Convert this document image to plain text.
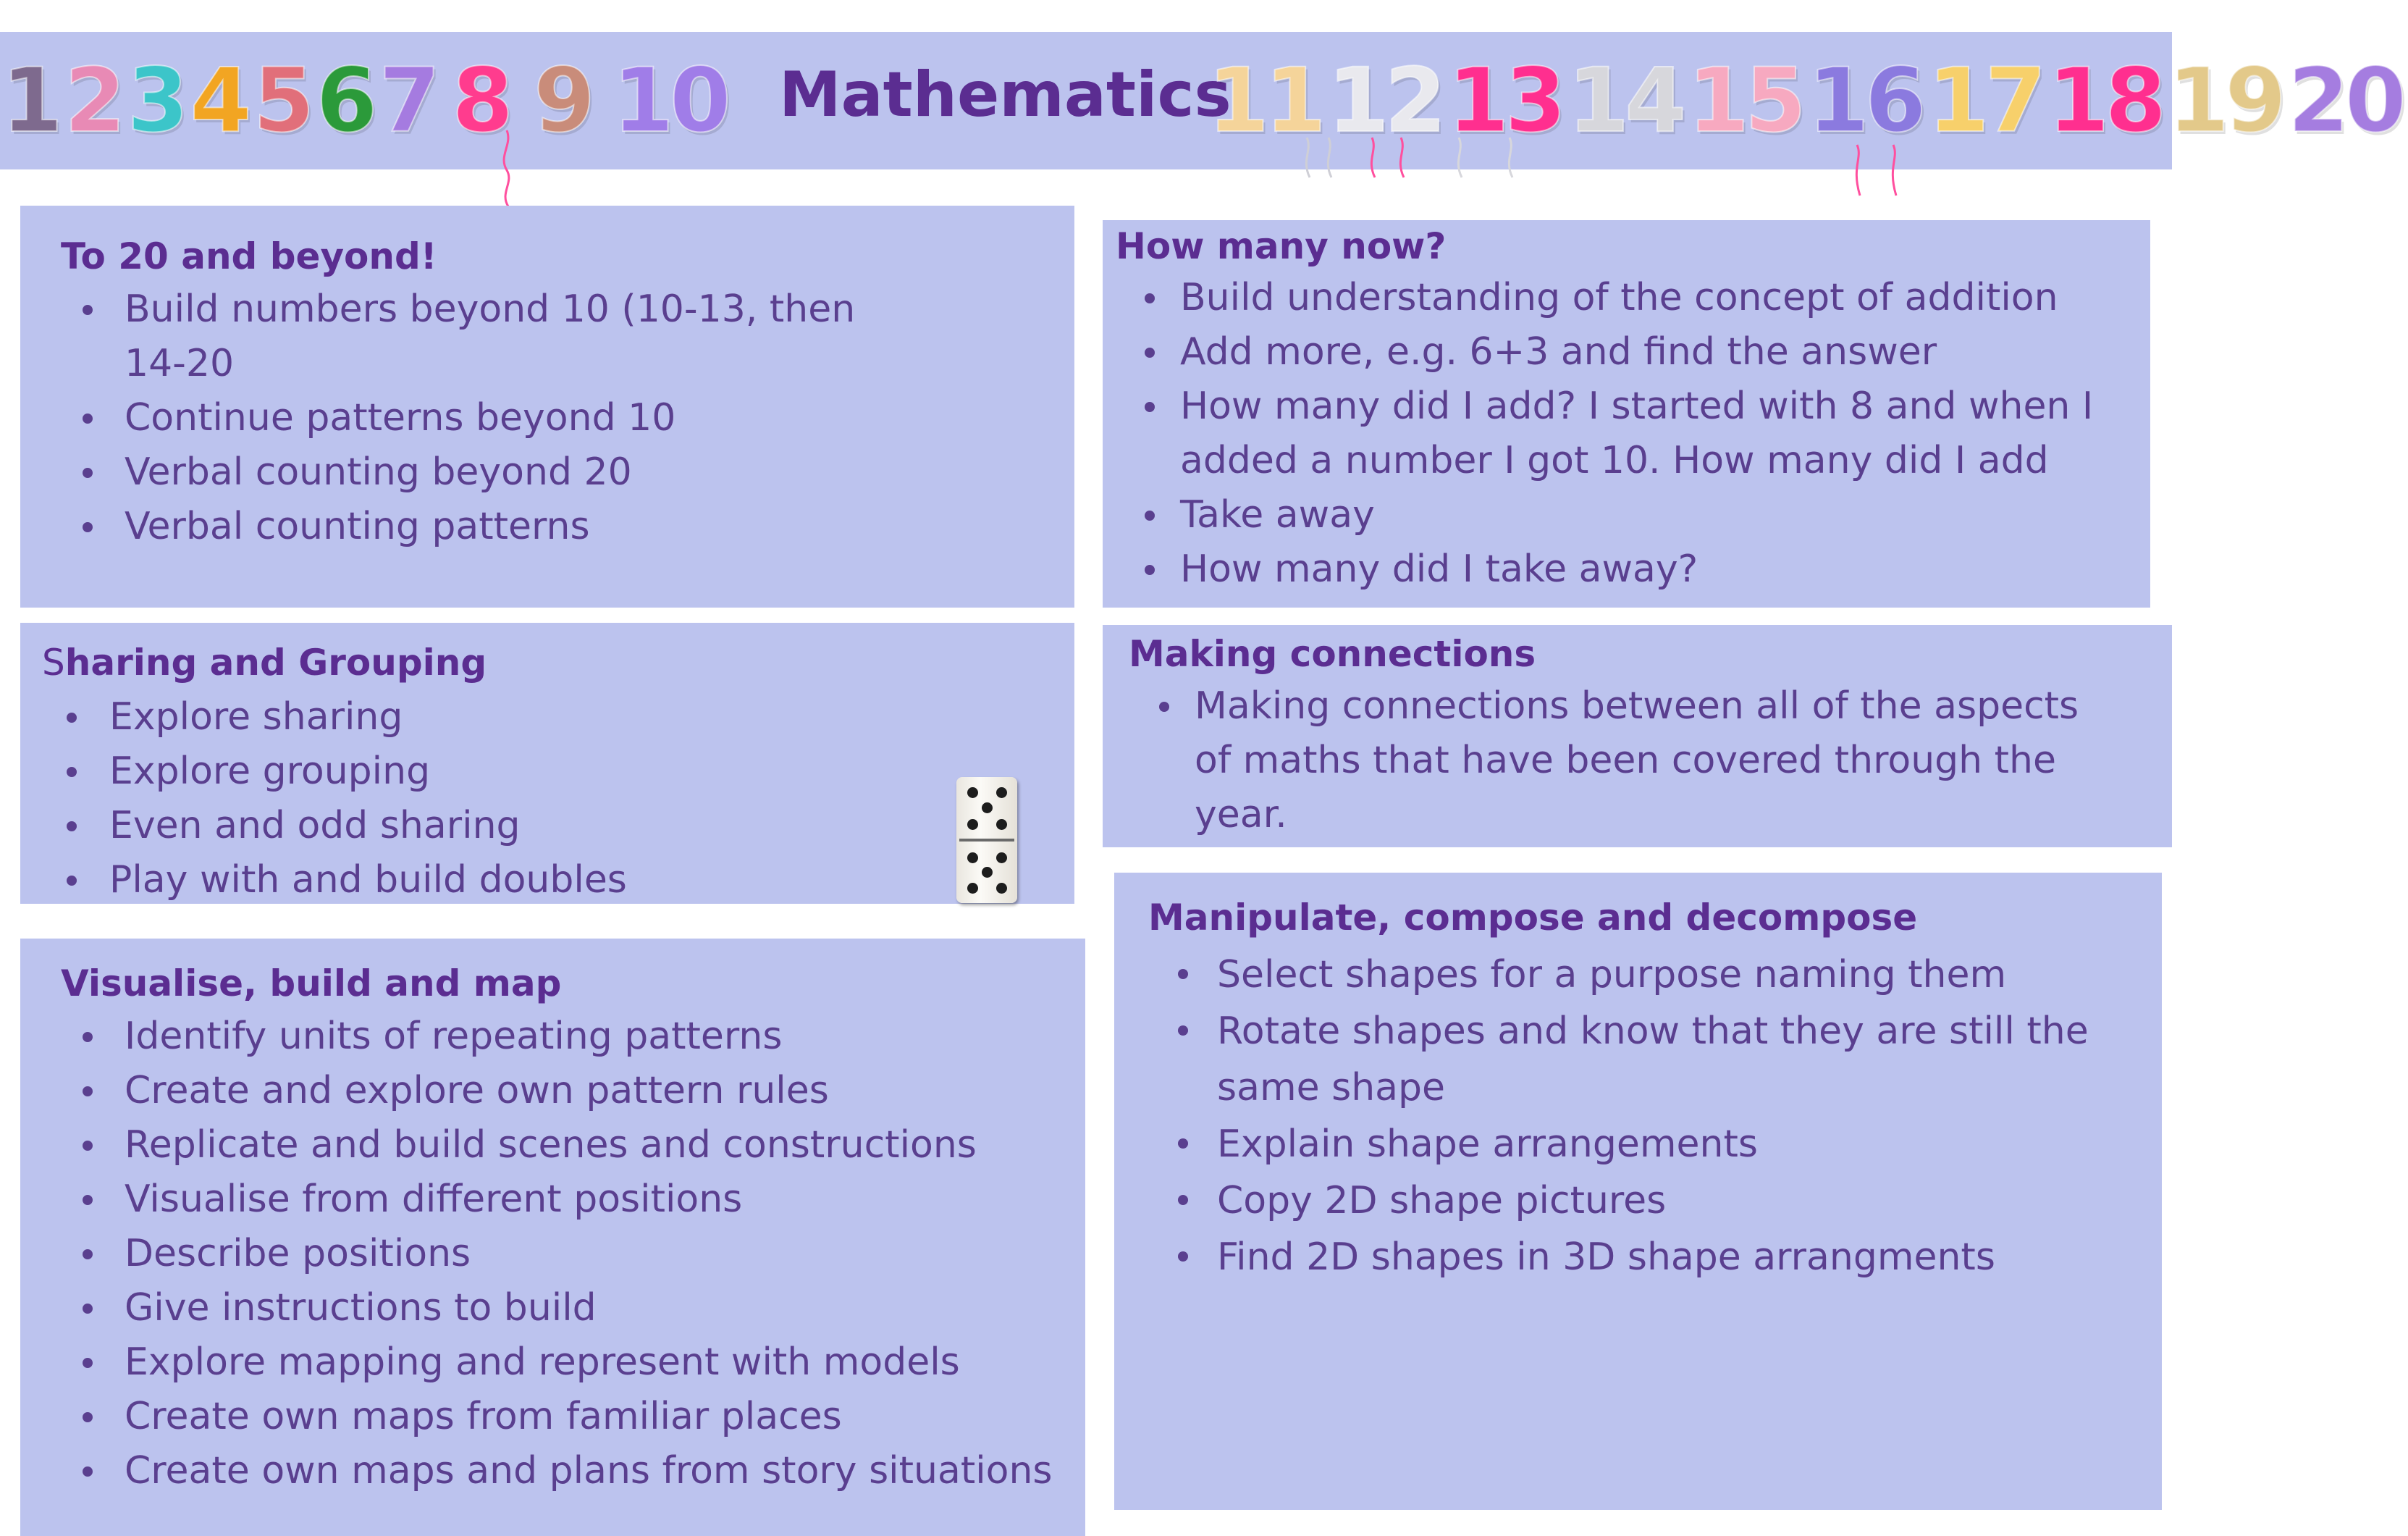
1 2 3 4 5 6 7 8 9 10 Mathematics
11 12 13 14 15 16 17 18 19 20
To 20 and beyond!
Build numbers beyond 10 (10-13, then
14-20
Continue patterns beyond 10
Verbal counting beyond 20
Verbal counting patterns
How many now?
Build understanding of the concept of addition
Add more, e.g. 6+3 and find the answer
How many did I add? I started with 8 and when I
added a number I got 10. How many did I add
Take away
How many did I take away?
Sharing and Grouping
Explore sharing
Explore grouping
Even and odd sharing
Play with and build doubles
Making connections
Making connections between all of the aspects
of maths that have been covered through the
year.
Visualise, build and map
Identify units of repeating patterns
Create and explore own pattern rules
Replicate and build scenes and constructions
Visualise from different positions
Describe positions
Give instructions to build
Explore mapping and represent with models
Create own maps from familiar places
Create own maps and plans from story situations
Manipulate, compose and decompose
Select shapes for a purpose naming them
Rotate shapes and know that they are still the
same shape
Explain shape arrangements
Copy 2D shape pictures
Find 2D shapes in 3D shape arrangments
